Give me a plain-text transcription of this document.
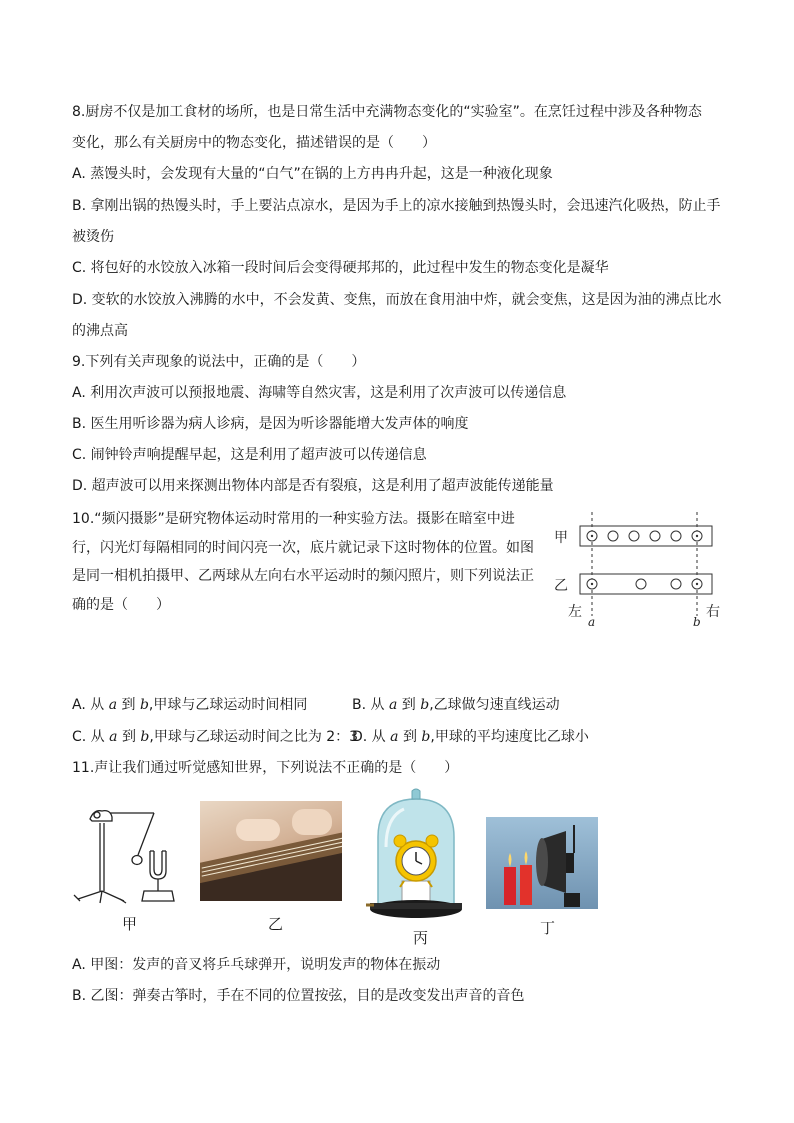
8.厨房不仅是加工食材的场所，也是日常生活中充满物态变化的“实验室”。在烹饪过程中涉及各种物态
变化，那么有关厨房中的物态变化，描述错误的是（　　）
A. 蒸馒头时，会发现有大量的“白气”在锅的上方冉冉升起，这是一种液化现象
B. 拿刚出锅的热馒头时，手上要沾点凉水，是因为手上的凉水接触到热馒头时，会迅速汽化吸热，防止手
被烫伤
C. 将包好的水饺放入冰箱一段时间后会变得硬邦邦的，此过程中发生的物态变化是凝华
D. 变软的水饺放入沸腾的水中，不会发黄、变焦，而放在食用油中炸，就会变焦，这是因为油的沸点比水
的沸点高
9.下列有关声现象的说法中，正确的是（　　）
A. 利用次声波可以预报地震、海啸等自然灾害，这是利用了次声波可以传递信息
B. 医生用听诊器为病人诊病，是因为听诊器能增大发声体的响度
C. 闹钟铃声响提醒早起，这是利用了超声波可以传递信息
D. 超声波可以用来探测出物体内部是否有裂痕，这是利用了超声波能传递能量
10.“频闪摄影”是研究物体运动时常用的一种实验方法。摄影在暗室中进行，闪光灯每隔相同的时间闪亮一次，底片就记录下这时物体的位置。如图是同一相机拍摄甲、乙两球从左向右水平运动时的频闪照片，则下列说法正确的是（　　）
甲
乙
左	右
a	b
A. 从 a 到 b,甲球与乙球运动时间相同	B. 从 a 到 b,乙球做匀速直线运动
C. 从 a 到 b,甲球与乙球运动时间之比为 2：3
D. 从 a 到 b,甲球的平均速度比乙球小
11.声让我们通过听觉感知世界，下列说法不正确的是（　　）
甲	乙
丙
丁
A. 甲图：发声的音叉将乒乓球弹开，说明发声的物体在振动
B. 乙图：弹奏古筝时，手在不同的位置按弦，目的是改变发出声音的音色
